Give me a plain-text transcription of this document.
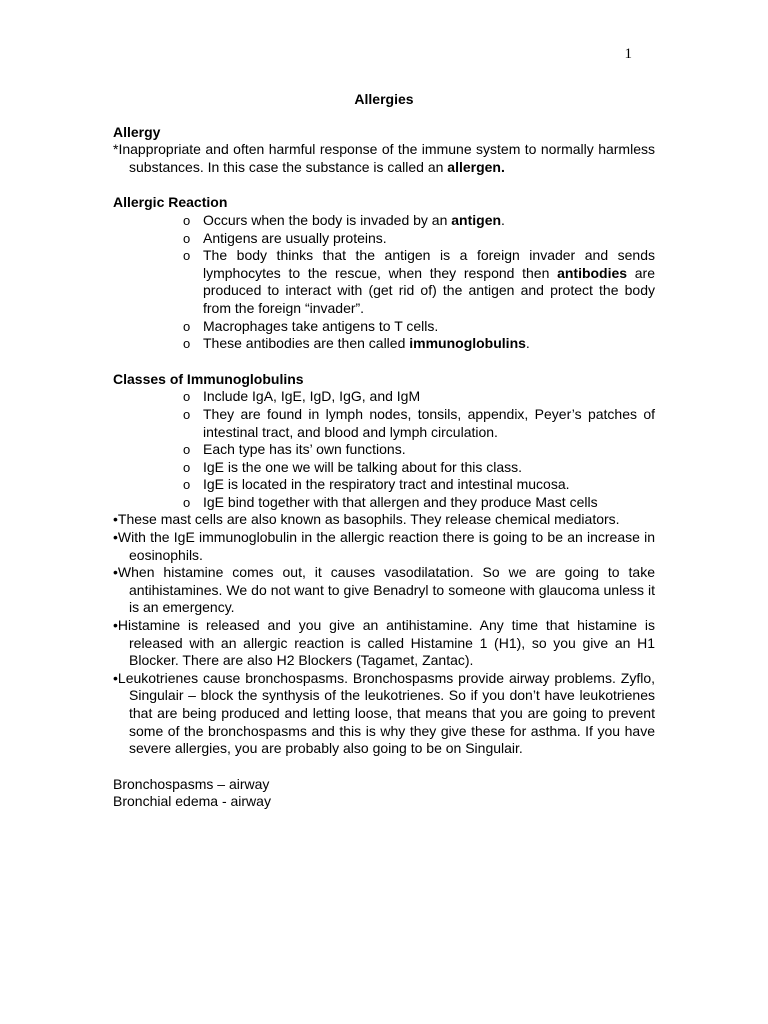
1

Allergies

Allergy

*Inappropriate and often harmful response of the immune system to normally harmless substances. In this case the substance is called an allergen.

Allergic Reaction

o Occurs when the body is invaded by an antigen.
o Antigens are usually proteins.
o The body thinks that the antigen is a foreign invader and sends lymphocytes to the rescue, when they respond then antibodies are produced to interact with (get rid of) the antigen and protect the body from the foreign “invader”.
o Macrophages take antigens to T cells.
o These antibodies are then called immunoglobulins.

Classes of Immunoglobulins

o Include IgA, IgE, IgD, IgG, and IgM
o They are found in lymph nodes, tonsils, appendix, Peyer’s patches of intestinal tract, and blood and lymph circulation.
o Each type has its’ own functions.
o IgE is the one we will be talking about for this class.
o IgE is located in the respiratory tract and intestinal mucosa.
o IgE bind together with that allergen and they produce Mast cells

•These mast cells are also known as basophils. They release chemical mediators.

•With the IgE immunoglobulin in the allergic reaction there is going to be an increase in eosinophils.

•When histamine comes out, it causes vasodilatation. So we are going to take antihistamines. We do not want to give Benadryl to someone with glaucoma unless it is an emergency.

•Histamine is released and you give an antihistamine. Any time that histamine is released with an allergic reaction is called Histamine 1 (H1), so you give an H1 Blocker. There are also H2 Blockers (Tagamet, Zantac).

•Leukotrienes cause bronchospasms. Bronchospasms provide airway problems. Zyflo, Singulair – block the synthysis of the leukotrienes. So if you don’t have leukotrienes that are being produced and letting loose, that means that you are going to prevent some of the bronchospasms and this is why they give these for asthma. If you have severe allergies, you are probably also going to be on Singulair.

Bronchospasms – airway

Bronchial edema - airway
